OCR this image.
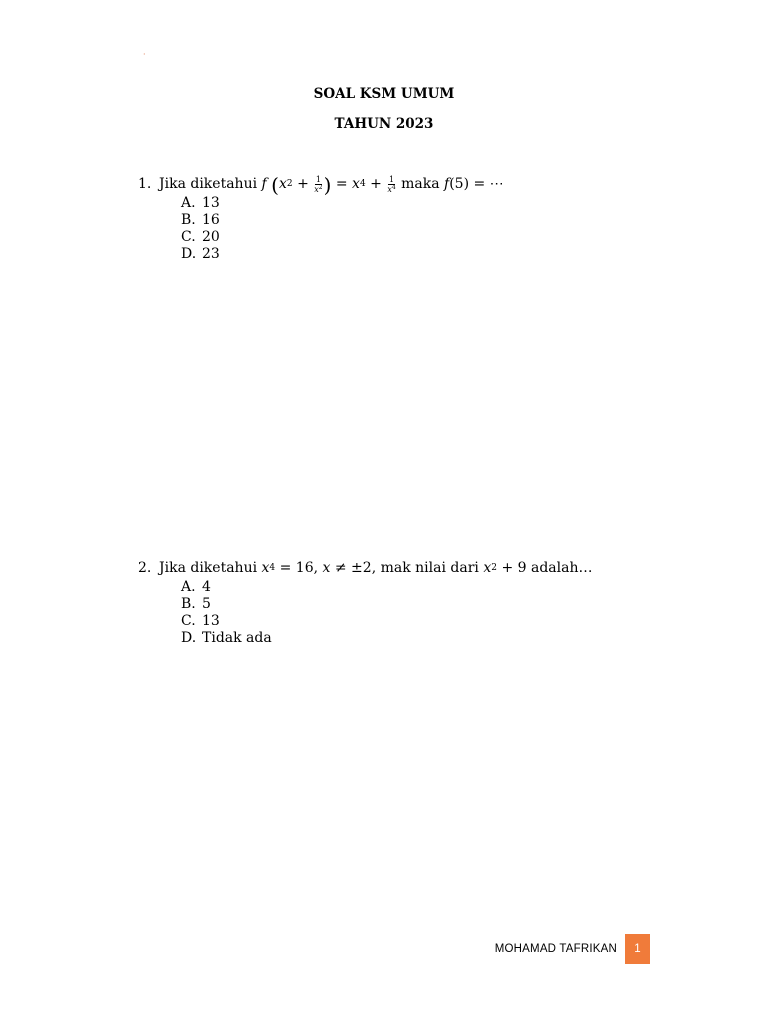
·
SOAL KSM UMUM
TAHUN 2023
1. Jika diketahui
f
( x 2
+
$\frac{1}{x^2}$ )
=
x 4
+
$\frac{1}{x^4}$
maka
f (5) = ⋯
A. 13
B. 16
C. 20
D. 23
2. Jika diketahui
x 4
= 16,
x
≠ ±2,
mak nilai dari
x 2
+ 9
adalah…
A. 4
B. 5
C. 13
D. Tidak ada
MOHAMAD TAFRIKAN	1
